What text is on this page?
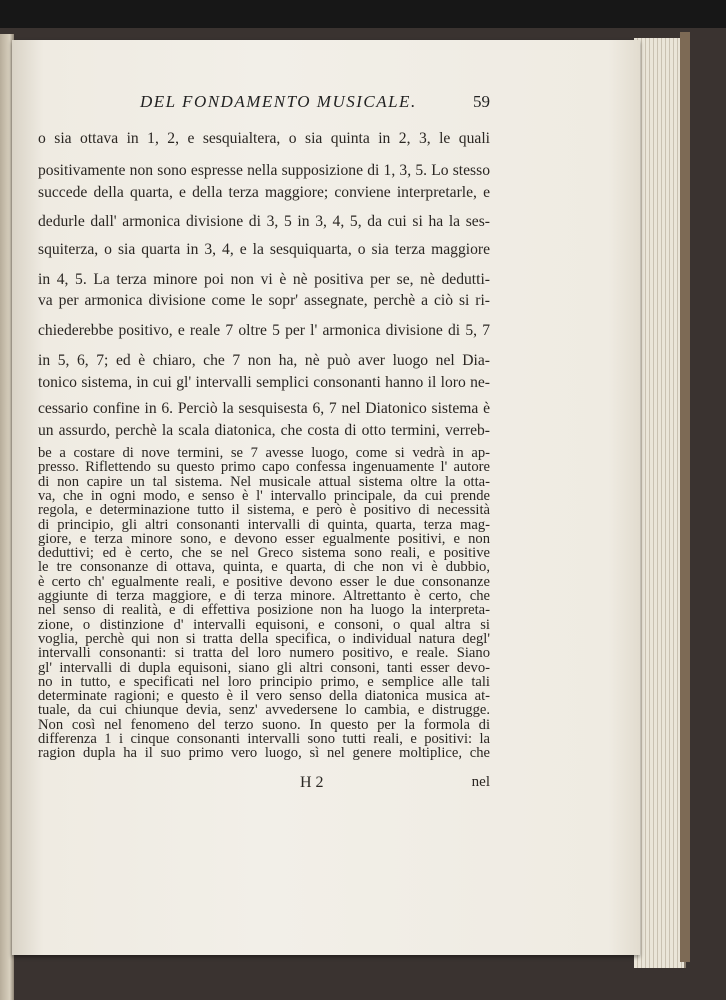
DEL FONDAMENTO MUSICALE.	59
o sia ottava in 1, 2, e sesquialtera, o sia quinta in 2, 3, le quali
positivamente non sono espresse nella supposizione di 1, 3, 5. Lo stesso
succede della quarta, e della terza maggiore; conviene interpretarle, e
dedurle dall' armonica divisione di 3, 5 in 3, 4, 5, da cui si ha la ses-
squiterza, o sia quarta in 3, 4, e la sesquiquarta, o sia terza maggiore
in 4, 5. La terza minore poi non vi è nè positiva per se, nè dedutti-
va per armonica divisione come le sopr' assegnate, perchè a ciò si ri-
chiederebbe positivo, e reale 7 oltre 5 per l' armonica divisione di 5, 7
in 5, 6, 7; ed è chiaro, che 7 non ha, nè può aver luogo nel Dia-
tonico sistema, in cui gl' intervalli semplici consonanti hanno il loro ne-
cessario confine in 6. Perciò la sesquisesta 6, 7 nel Diatonico sistema è
un assurdo, perchè la scala diatonica, che costa di otto termini, verreb-
be a costare di nove termini, se 7 avesse luogo, come si vedrà in ap-
presso. Riflettendo su questo primo capo confessa ingenuamente l' autore
di non capire un tal sistema. Nel musicale attual sistema oltre la otta-
va, che in ogni modo, e senso è l' intervallo principale, da cui prende
regola, e determinazione tutto il sistema, e però è positivo di necessità
di principio, gli altri consonanti intervalli di quinta, quarta, terza mag-
giore, e terza minore sono, e devono esser egualmente positivi, e non
deduttivi; ed è certo, che se nel Greco sistema sono reali, e positive
le tre consonanze di ottava, quinta, e quarta, di che non vi è dubbio,
è certo ch' egualmente reali, e positive devono esser le due consonanze
aggiunte di terza maggiore, e di terza minore. Altrettanto è certo, che
nel senso di realità, e di effettiva posizione non ha luogo la interpreta-
zione, o distinzione d' intervalli equisoni, e consoni, o qual altra si
voglia, perchè qui non si tratta della specifica, o individual natura degl'
intervalli consonanti: si tratta del loro numero positivo, e reale. Siano
gl' intervalli di dupla equisoni, siano gli altri consoni, tanti esser devo-
no in tutto, e specificati nel loro principio primo, e semplice alle tali
determinate ragioni; e questo è il vero senso della diatonica musica at-
tuale, da cui chiunque devia, senz' avvedersene lo cambia, e distrugge.
Non così nel fenomeno del terzo suono. In questo per la formola di
differenza 1 i cinque consonanti intervalli sono tutti reali, e positivi: la
ragion dupla ha il suo primo vero luogo, sì nel genere moltiplice, che
H 2	nel
